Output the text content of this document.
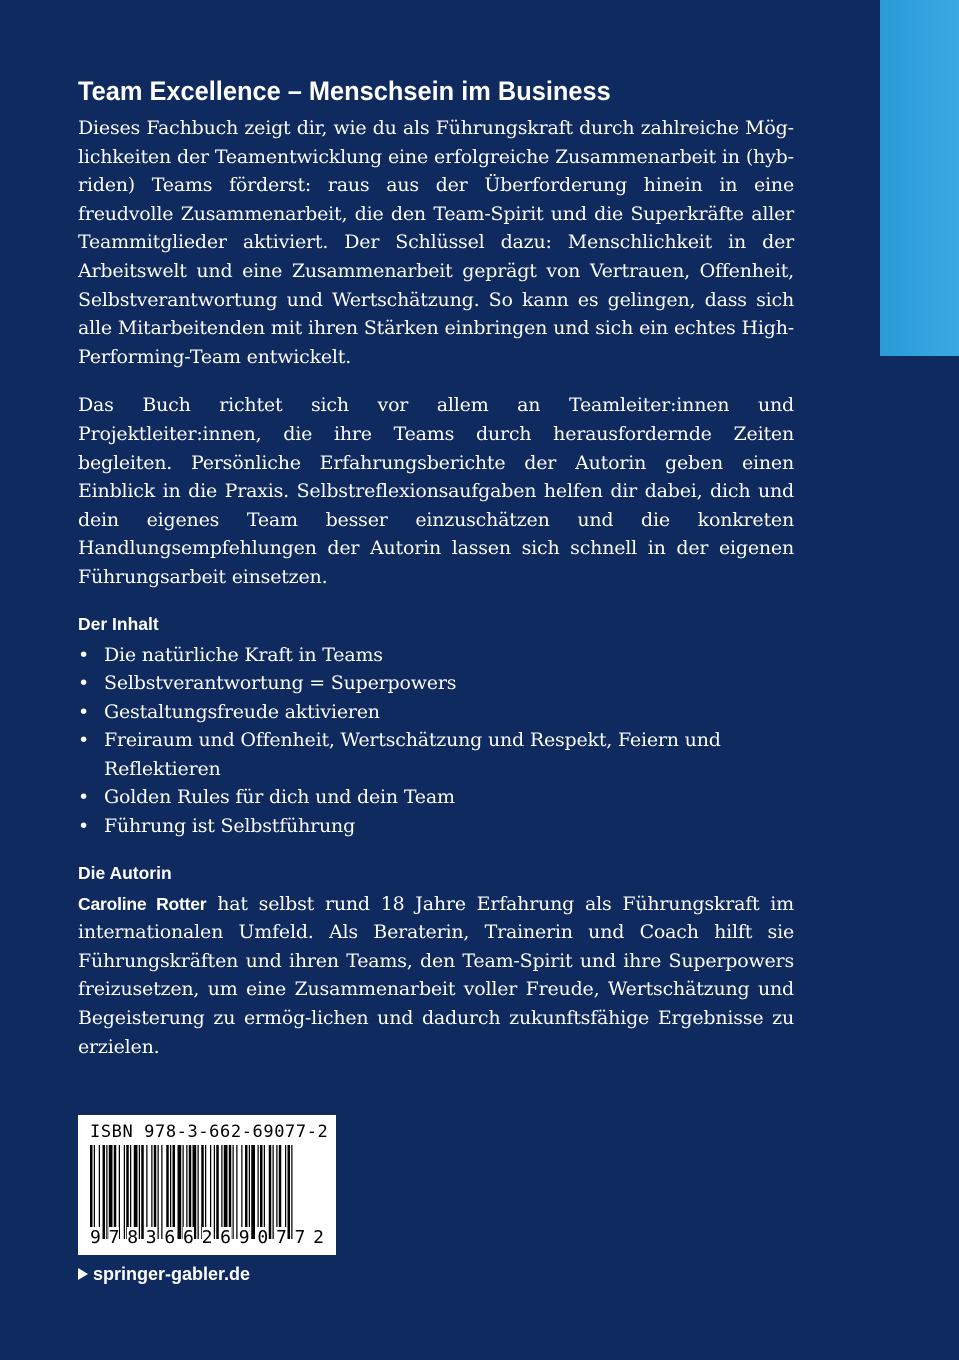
Team Excellence – Menschsein im Business

Dieses Fachbuch zeigt dir, wie du als Führungskraft durch zahlreiche Möglichkeiten der Teamentwicklung eine erfolgreiche Zusammenarbeit in (hybriden) Teams förderst: raus aus der Überforderung hinein in eine freudvolle Zusammenarbeit, die den Team-Spirit und die Superkräfte aller Teammitglieder aktiviert. Der Schlüssel dazu: Menschlichkeit in der Arbeitswelt und eine Zusammenarbeit geprägt von Vertrauen, Offenheit, Selbstverantwortung und Wertschätzung. So kann es gelingen, dass sich alle Mitarbeitenden mit ihren Stärken einbringen und sich ein echtes High-Performing-Team entwickelt.

Das Buch richtet sich vor allem an Teamleiter:innen und Projektleiter:innen, die ihre Teams durch herausfordernde Zeiten begleiten. Persönliche Erfahrungsberichte der Autorin geben einen Einblick in die Praxis. Selbstreflexionsaufgaben helfen dir dabei, dich und dein eigenes Team besser einzuschätzen und die konkreten Handlungsempfehlungen der Autorin lassen sich schnell in der eigenen Führungsarbeit einsetzen.

Der Inhalt
• Die natürliche Kraft in Teams
• Selbstverantwortung = Superpowers
• Gestaltungsfreude aktivieren
• Freiraum und Offenheit, Wertschätzung und Respekt, Feiern und Reflektieren
• Golden Rules für dich und dein Team
• Führung ist Selbstführung
Die Autorin

Caroline Rotter hat selbst rund 18 Jahre Erfahrung als Führungskraft im internationalen Umfeld. Als Beraterin, Trainerin und Coach hilft sie Führungskräften und ihren Teams, den Team-Spirit und ihre Superpowers freizusetzen, um eine Zusammenarbeit voller Freude, Wertschätzung und Begeisterung zu ermög-lichen und dadurch zukunftsfähige Ergebnisse zu erzielen.

ISBN 978-3-662-69077-2
9 7 8 3 6 6 2 6 9 0 7 7 2
springer-gabler.de
